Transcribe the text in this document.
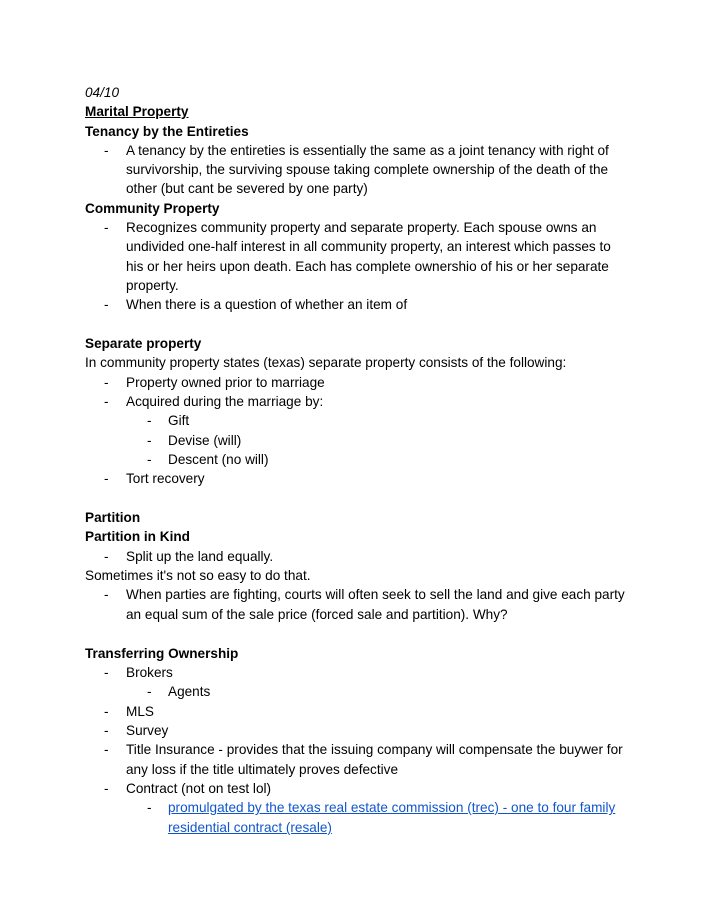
04/10
Marital Property
Tenancy by the Entireties
- A tenancy by the entireties is essentially the same as a joint tenancy with right of
survivorship, the surviving spouse taking complete ownership of the death of the
other (but cant be severed by one party)
Community Property
- Recognizes community property and separate property. Each spouse owns an
undivided one-half interest in all community property, an interest which passes to
his or her heirs upon death. Each has complete ownershio of his or her separate
property.
- When there is a question of whether an item of
Separate property
In community property states (texas) separate property consists of the following:
- Property owned prior to marriage
- Acquired during the marriage by:
- Gift
- Devise (will)
- Descent (no will)
- Tort recovery
Partition
Partition in Kind
- Split up the land equally.
Sometimes it's not so easy to do that.
- When parties are fighting, courts will often seek to sell the land and give each party
an equal sum of the sale price (forced sale and partition). Why?
Transferring Ownership
- Brokers
- Agents
- MLS
- Survey
- Title Insurance - provides that the issuing company will compensate the buywer for
any loss if the title ultimately proves defective
- Contract (not on test lol)
- promulgated by the texas real estate commission (trec) - one to four family
residential contract (resale)
